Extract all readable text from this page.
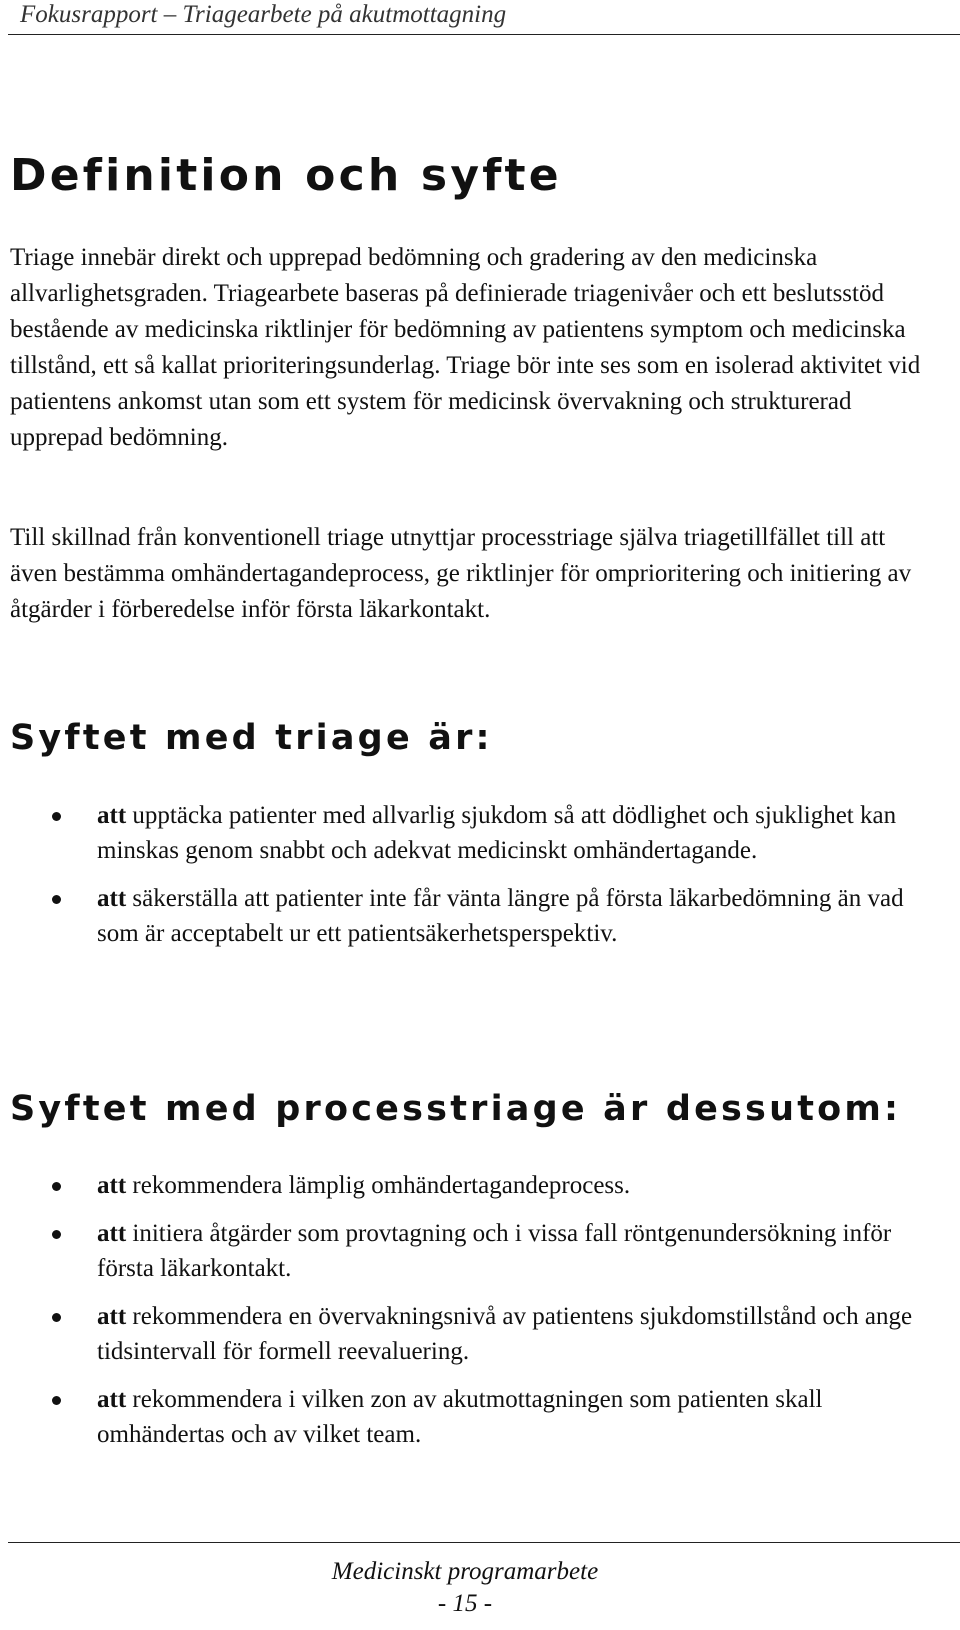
Fokusrapport – Triagearbete på akutmottagning
Definition och syfte

Triage innebär direkt och upprepad bedömning och gradering av den medicinska allvarlighetsgraden. Triagearbete baseras på definierade triagenivåer och ett beslutsstöd bestående av medicinska riktlinjer för bedömning av patientens symptom och medicinska tillstånd, ett så kallat prioriteringsunderlag. Triage bör inte ses som en isolerad aktivitet vid patientens ankomst utan som ett system för medicinsk övervakning och strukturerad upprepad bedömning.

Till skillnad från konventionell triage utnyttjar processtriage själva triagetillfället till att även bestämma omhändertagandeprocess, ge riktlinjer för omprioritering och initiering av åtgärder i förberedelse inför första läkarkontakt.

Syftet med triage är:
att upptäcka patienter med allvarlig sjukdom så att dödlighet och sjuklighet kan minskas genom snabbt och adekvat medicinskt omhändertagande.
att säkerställa att patienter inte får vänta längre på första läkarbedömning än vad som är acceptabelt ur ett patientsäkerhetsperspektiv.
Syftet med processtriage är dessutom:
att rekommendera lämplig omhändertagandeprocess.
att initiera åtgärder som provtagning och i vissa fall röntgenundersökning inför första läkarkontakt.
att rekommendera en övervakningsnivå av patientens sjukdomstillstånd och ange tidsintervall för formell reevaluering.
att rekommendera i vilken zon av akutmottagningen som patienten skall omhändertas och av vilket team.
Medicinskt programarbete
- 15 -
